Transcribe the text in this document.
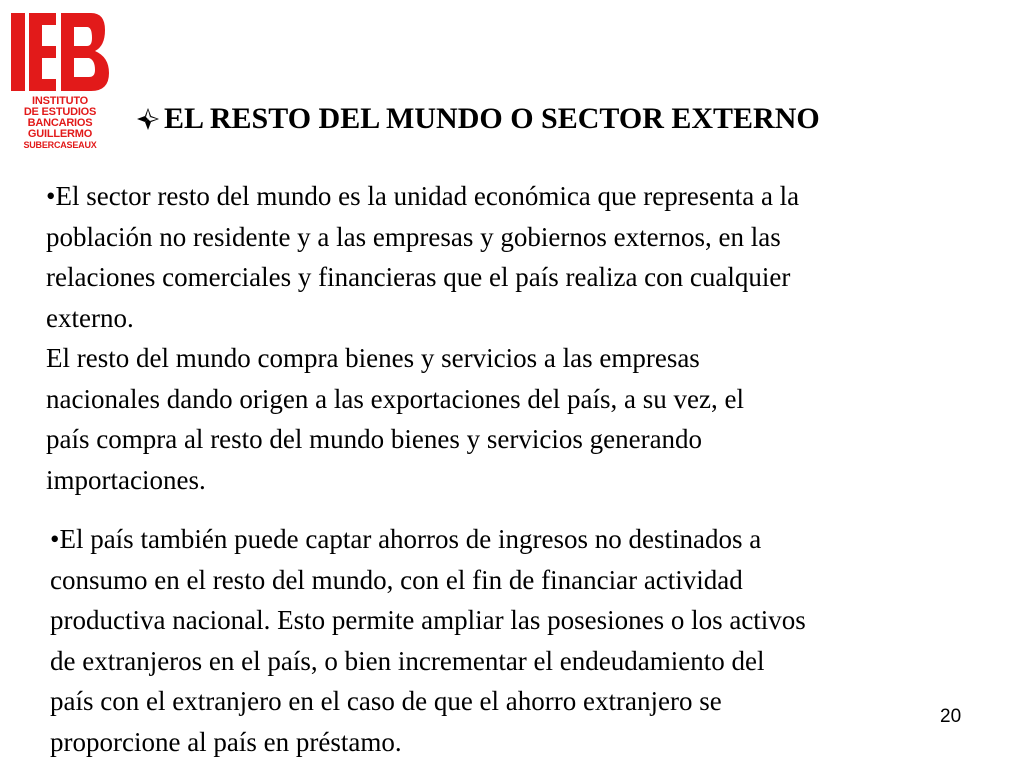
INSTITUTO
DE ESTUDIOS
BANCARIOS
GUILLERMO
SUBERCASEAUX
EL RESTO DEL MUNDO O SECTOR EXTERNO
•El sector resto del mundo es la unidad económica que representa a la
población no residente y a las empresas y gobiernos externos, en las
relaciones comerciales y financieras que el país realiza con cualquier
externo.
El resto del mundo compra bienes y servicios a las empresas
nacionales dando origen a las exportaciones del país, a su vez, el
país compra al resto del mundo bienes y servicios generando
importaciones.
•El país también puede captar ahorros de ingresos no destinados a
consumo en el resto del mundo, con el fin de financiar actividad
productiva nacional. Esto permite ampliar las posesiones o los activos
de extranjeros en el país, o bien incrementar el endeudamiento del
país con el extranjero en el caso de que el ahorro extranjero se
proporcione al país en préstamo.
20
